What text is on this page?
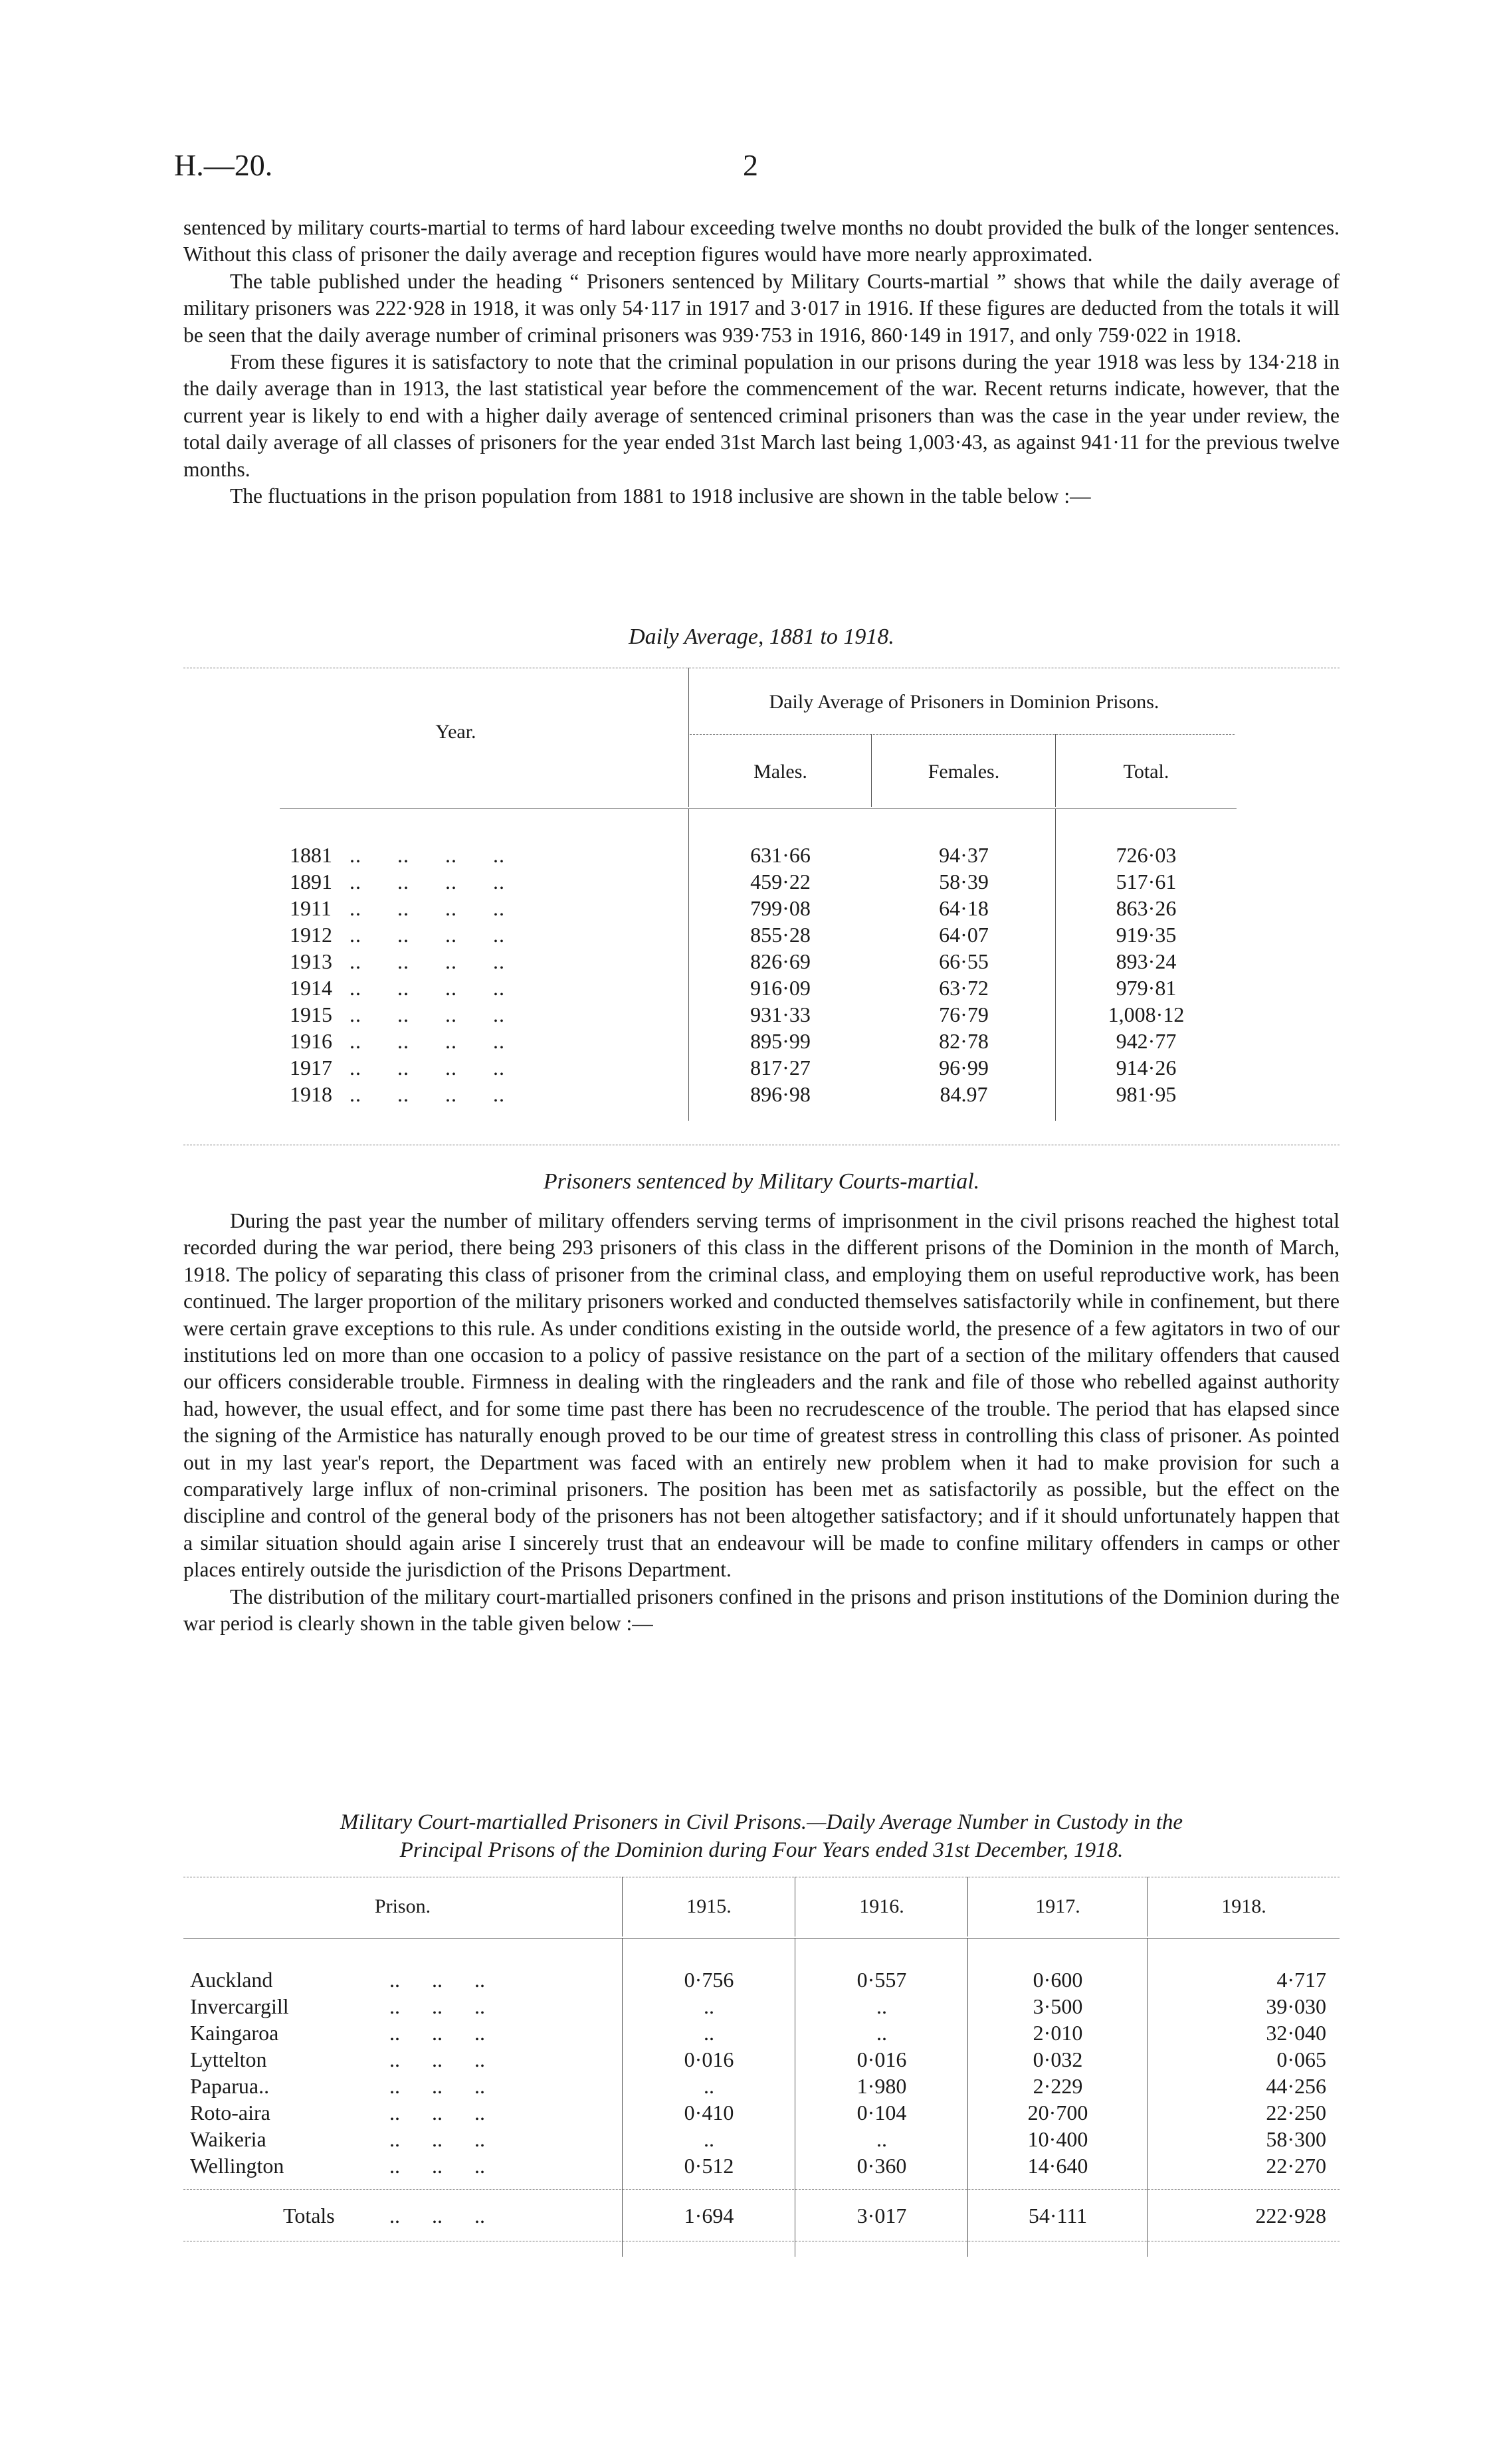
H.—20.	2

sentenced by military courts-martial to terms of hard labour exceeding twelve months no doubt provided the bulk of the longer sentences. Without this class of prisoner the daily average and reception figures would have more nearly approximated.

The table published under the heading “ Prisoners sentenced by Military Courts-martial ” shows that while the daily average of military prisoners was 222·928 in 1918, it was only 54·117 in 1917 and 3·017 in 1916. If these figures are deducted from the totals it will be seen that the daily average number of criminal prisoners was 939·753 in 1916, 860·149 in 1917, and only 759·022 in 1918.

From these figures it is satisfactory to note that the criminal population in our prisons during the year 1918 was less by 134·218 in the daily average than in 1913, the last statistical year before the commencement of the war. Recent returns indicate, however, that the current year is likely to end with a higher daily average of sentenced criminal prisoners than was the case in the year under review, the total daily average of all classes of prisoners for the year ended 31st March last being 1,003·43, as against 941·11 for the previous twelve months.

The fluctuations in the prison population from 1881 to 1918 inclusive are shown in the table below :—

Daily Average, 1881 to 1918.
Daily Average of Prisoners in Dominion Prisons.
Year.
Males.	Females.	Total.
1881 ..      ..      ..      ..	631·66	94·37	726·03
1891 ..      ..      ..      ..	459·22	58·39	517·61
1911 ..      ..      ..      ..	799·08	64·18	863·26
1912 ..      ..      ..      ..	855·28	64·07	919·35
1913 ..      ..      ..      ..	826·69	66·55	893·24
1914 ..      ..      ..      ..	916·09	63·72	979·81
1915 ..      ..      ..      ..	931·33	76·79	1,008·12
1916 ..      ..      ..      ..	895·99	82·78	942·77
1917 ..      ..      ..      ..	817·27	96·99	914·26
1918 ..      ..      ..      ..	896·98	84.97	981·95
Prisoners sentenced by Military Courts-martial.

During the past year the number of military offenders serving terms of imprisonment in the civil prisons reached the highest total recorded during the war period, there being 293 prisoners of this class in the different prisons of the Dominion in the month of March, 1918. The policy of separating this class of prisoner from the criminal class, and employing them on useful reproductive work, has been continued. The larger proportion of the military prisoners worked and conducted themselves satisfactorily while in confinement, but there were certain grave exceptions to this rule. As under conditions existing in the outside world, the presence of a few agitators in two of our institutions led on more than one occasion to a policy of passive resistance on the part of a section of the military offenders that caused our officers considerable trouble. Firmness in dealing with the ringleaders and the rank and file of those who rebelled against authority had, however, the usual effect, and for some time past there has been no recrudescence of the trouble. The period that has elapsed since the signing of the Armistice has naturally enough proved to be our time of greatest stress in controlling this class of prisoner. As pointed out in my last year's report, the Department was faced with an entirely new problem when it had to make provision for such a comparatively large influx of non-criminal prisoners. The position has been met as satisfactorily as possible, but the effect on the discipline and control of the general body of the prisoners has not been altogether satisfactory; and if it should unfortunately happen that a similar situation should again arise I sincerely trust that an endeavour will be made to confine military offenders in camps or other places entirely outside the jurisdiction of the Prisons Department.

The distribution of the military court-martialled prisoners confined in the prisons and prison institutions of the Dominion during the war period is clearly shown in the table given below :—

Military Court-martialled Prisoners in Civil Prisons.—Daily Average Number in Custody in the
Principal Prisons of the Dominion during Four Years ended 31st December, 1918.
Prison.	1915.	1916.	1917.	1918.
Auckland	..      ..      ..	0·756	0·557	0·600	4·717
Invercargill	..      ..      ..	..	..	3·500	39·030
Kaingaroa	..      ..      ..	..	..	2·010	32·040
Lyttelton	..      ..      ..	0·016	0·016	0·032	0·065
Paparua..	..      ..      ..	..	1·980	2·229	44·256
Roto-aira	..      ..      ..	0·410	0·104	20·700	22·250
Waikeria	..      ..      ..	..	..	10·400	58·300
Wellington	..      ..      ..	0·512	0·360	14·640	22·270
Totals	..      ..      ..	1·694	3·017	54·111	222·928
